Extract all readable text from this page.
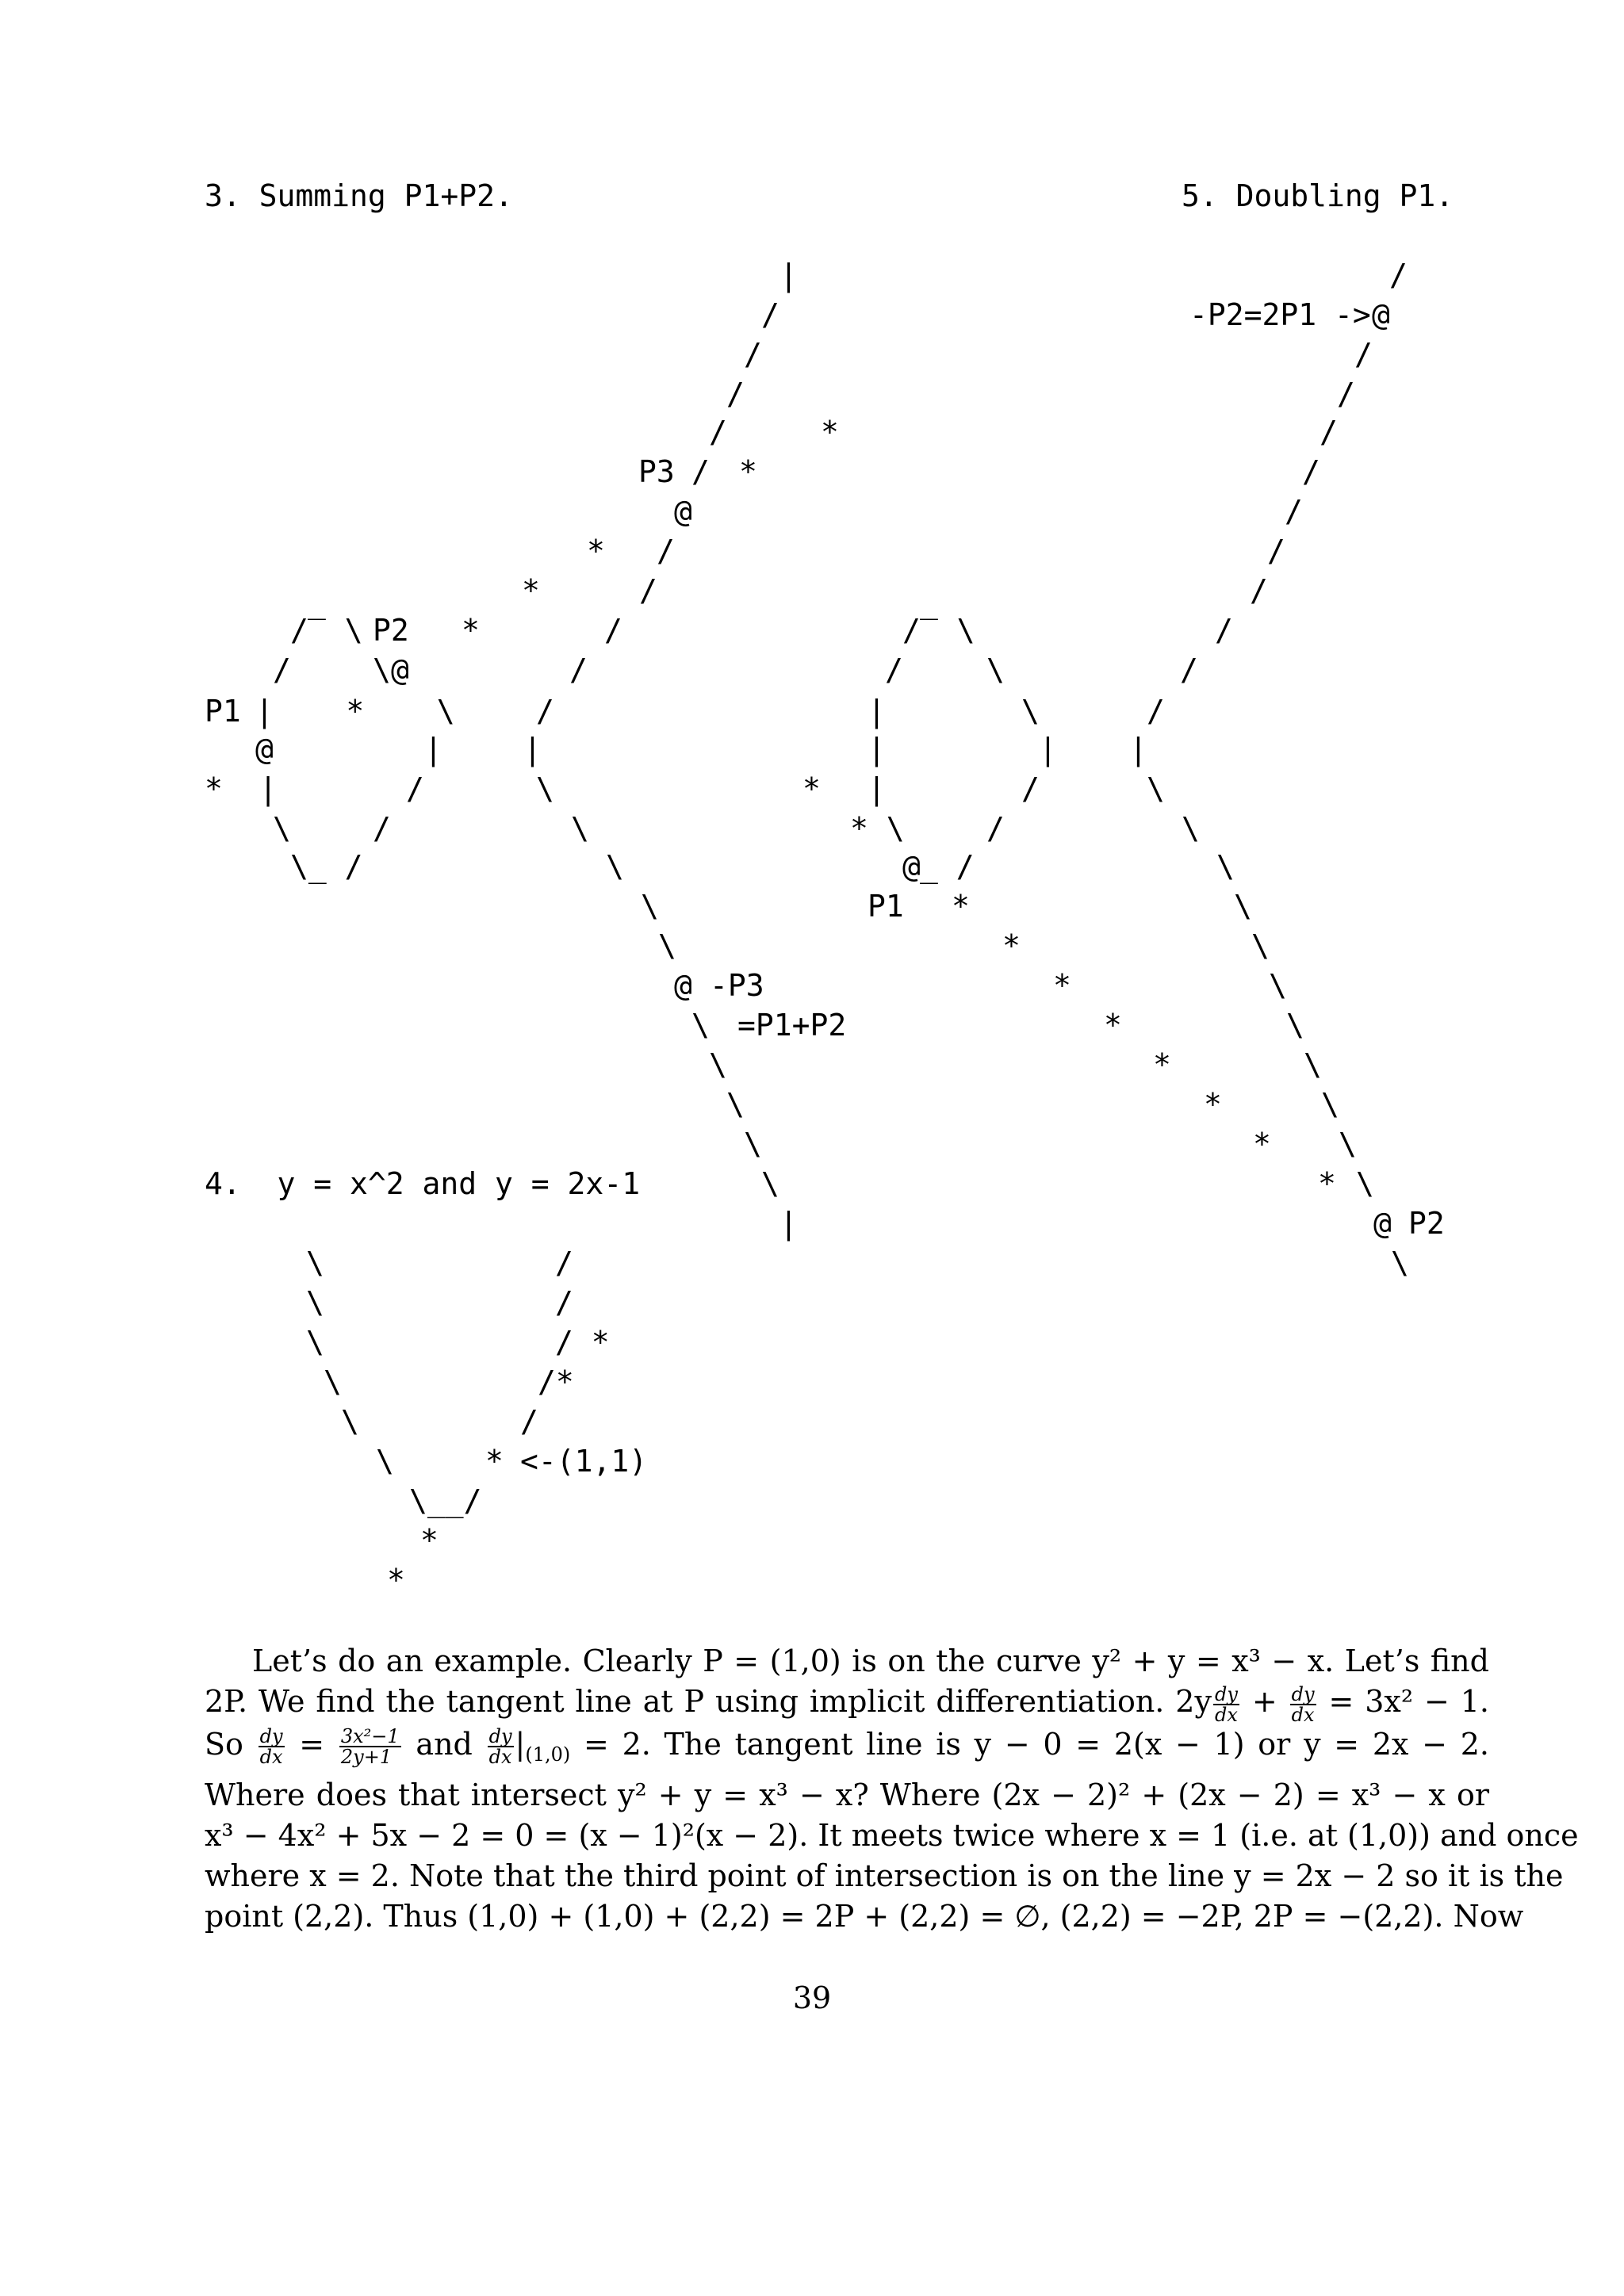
3. Summing P1+P2.	5. Doubling P1.
4.  y = x^2 and y = 2x-1
_
/  \ P2 *
/	\ @
P1 |    *    \
@	|
*  |	/
\	/
\_ /
|
/
/
/
/	*
P3 / *
@
* /
*	/
/
/
/
|
\
\
\
\
\
@ -P3
\ =P1+P2
\
\
\
\
|
/
-P2=2P1 -> @
/
/
/
/
/
/
/
/
/
/
|
\
\
\
\
\
\
\
\
\
\
* \
@ P2
\
_
/  \
/	\
|	\
|	|
* |	/
* \	/
@ _ /
P1 *
*
*
*
*
*
*
\	/
\	/
\	/ *
\	/*
\	/
\	* <-(1,1)
\__/
*
*
Let’s do an example. Clearly P = (1,0) is on the curve y² + y = x³ − x. Let’s find
2P. We find the tangent line at P using implicit differentiation. $2y \frac{dy}{dx} + \frac{dy}{dx} = 3x^2 - 1$.
So $\frac{dy}{dx} = \frac{\text{3x²−1}}{2y+1}$ and $\frac{dy}{dx} |_{(1,0)} = 2$. The tangent line is y − 0 = 2(x − 1) or y = 2x − 2.
Where does that intersect y² + y = x³ − x? Where (2x − 2)² + (2x − 2) = x³ − x or
x³ − 4x² + 5x − 2 = 0 = (x − 1)²(x − 2). It meets twice where x = 1 (i.e. at (1,0)) and once
where x = 2. Note that the third point of intersection is on the line y = 2x − 2 so it is the
point (2,2). Thus (1,0) + (1,0) + (2,2) = 2P + (2,2) = ∅, (2,2) = −2P, 2P = −(2,2). Now
39
